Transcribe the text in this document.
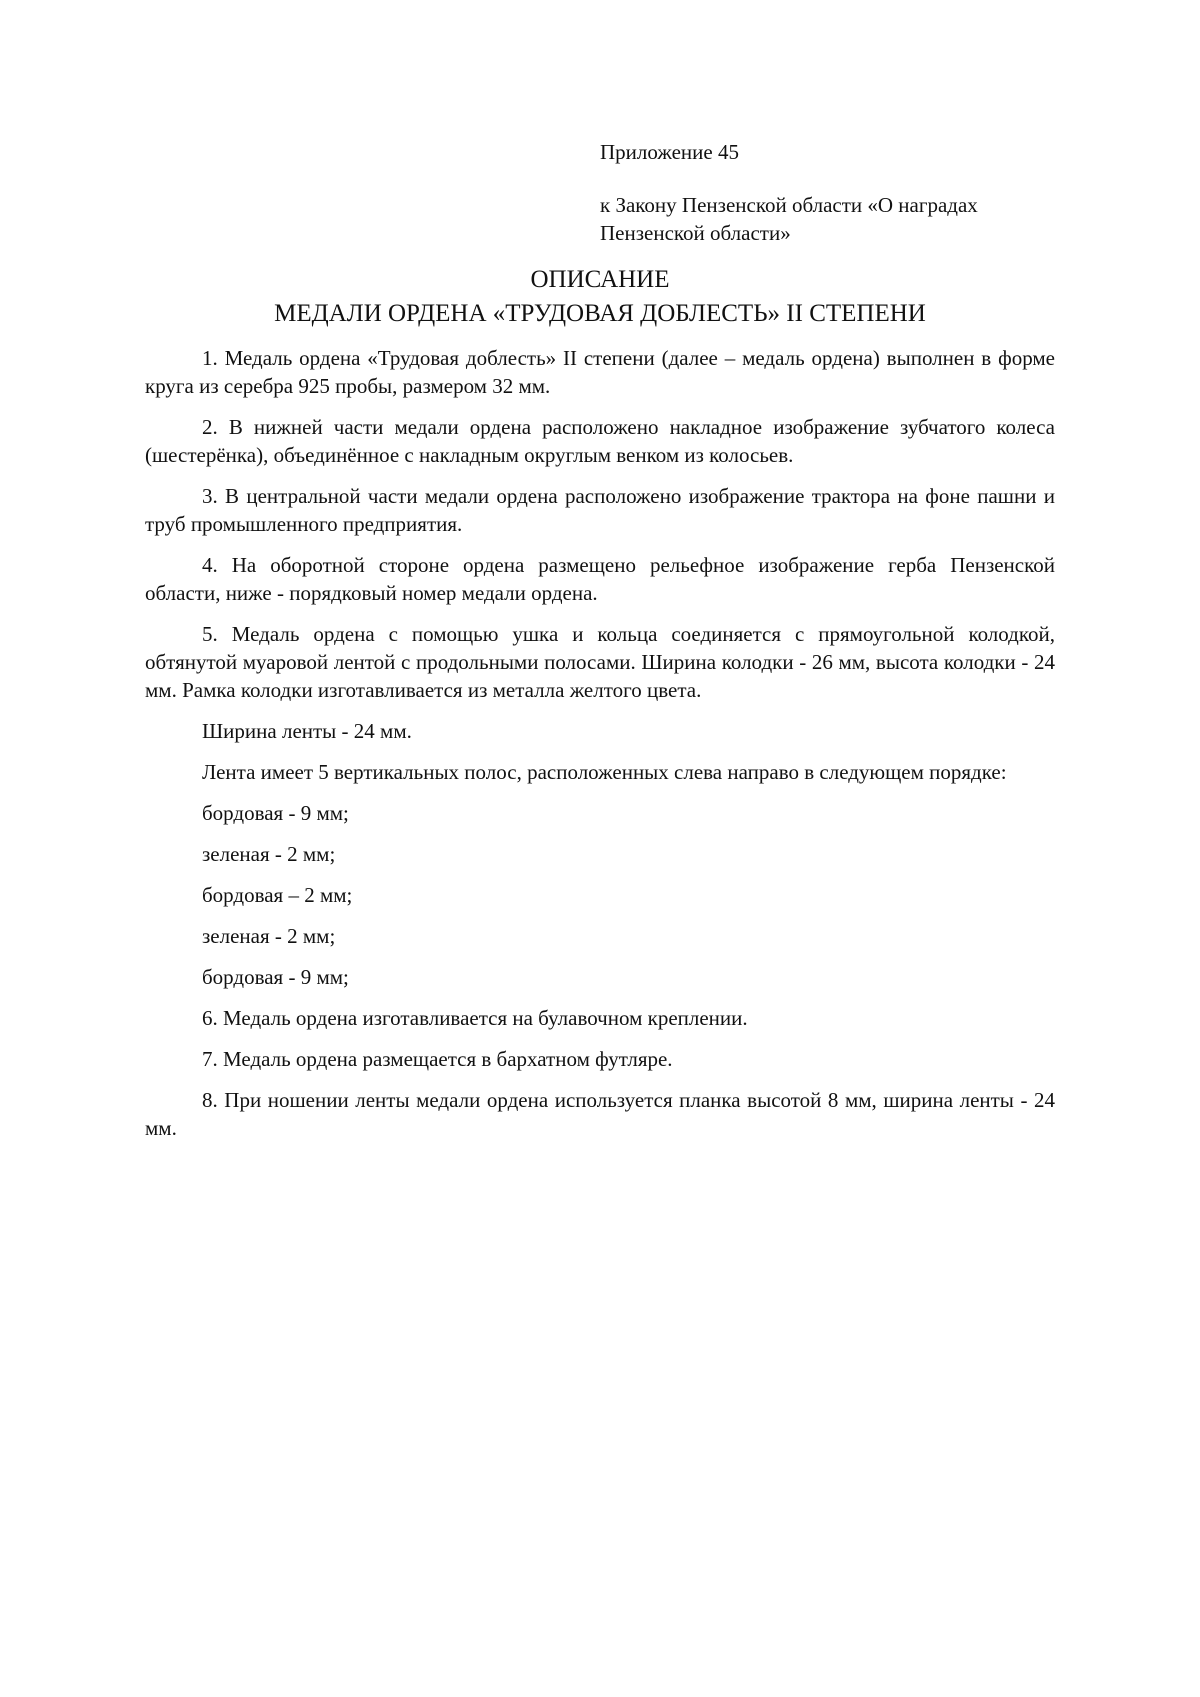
Приложение 45
к Закону Пензенской области «О наградах Пензенской области»
ОПИСАНИЕ
МЕДАЛИ ОРДЕНА «ТРУДОВАЯ ДОБЛЕСТЬ» II СТЕПЕНИ

1. Медаль ордена «Трудовая доблесть» II степени (далее – медаль ордена) выполнен в форме круга из серебра 925 пробы, размером 32 мм.

2. В нижней части медали ордена расположено накладное изображение зубчатого колеса (шестерёнка), объединённое с накладным округлым венком из колосьев.

3. В центральной части медали ордена расположено изображение трактора на фоне пашни и труб промышленного предприятия.

4. На оборотной стороне ордена размещено рельефное изображение герба Пензенской области, ниже - порядковый номер медали ордена.

5. Медаль ордена с помощью ушка и кольца соединяется с прямоугольной колодкой, обтянутой муаровой лентой с продольными полосами. Ширина колодки - 26 мм, высота колодки - 24 мм. Рамка колодки изготавливается из металла желтого цвета.

Ширина ленты - 24 мм.

Лента имеет 5 вертикальных полос, расположенных слева направо в следующем порядке:

бордовая - 9 мм;

зеленая - 2 мм;

бордовая – 2 мм;

зеленая - 2 мм;

бордовая - 9 мм;

6. Медаль ордена изготавливается на булавочном креплении.

7. Медаль ордена размещается в бархатном футляре.

8. При ношении ленты медали ордена используется планка высотой 8 мм, ширина ленты - 24 мм.
